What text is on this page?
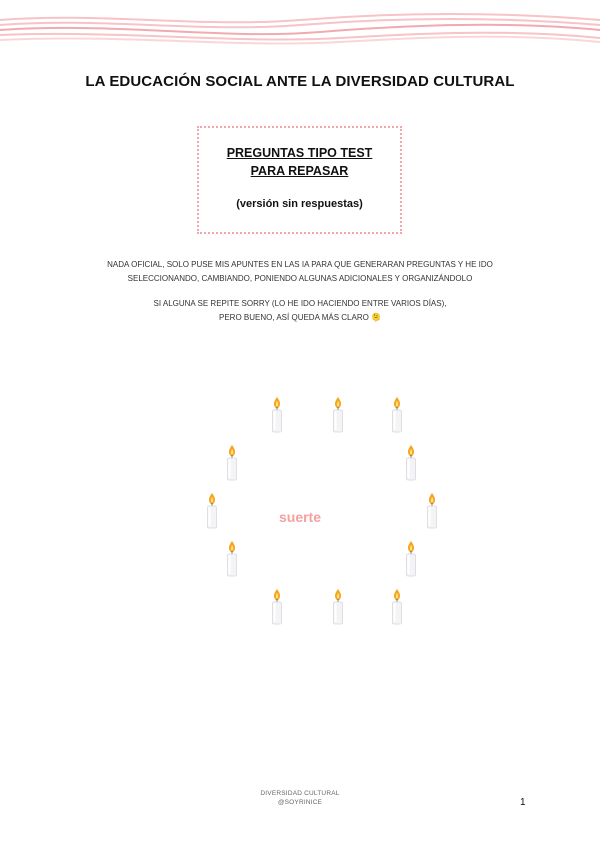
LA EDUCACIÓN SOCIAL ANTE LA DIVERSIDAD CULTURAL
PREGUNTAS TIPO TEST
PARA REPASAR
(versión sin respuestas)
NADA OFICIAL, SOLO PUSE MIS APUNTES EN LAS IA PARA QUE GENERARAN PREGUNTAS Y HE IDO
SELECCIONANDO, CAMBIANDO, PONIENDO ALGUNAS ADICIONALES Y ORGANIZÁNDOLO
SI ALGUNA SE REPITE SORRY (LO HE IDO HACIENDO ENTRE VARIOS DÍAS),
PERO BUENO, ASÍ QUEDA MÁS CLARO 🫠
suerte
DIVERSIDAD CULTURAL
@SOYRINICE	1
